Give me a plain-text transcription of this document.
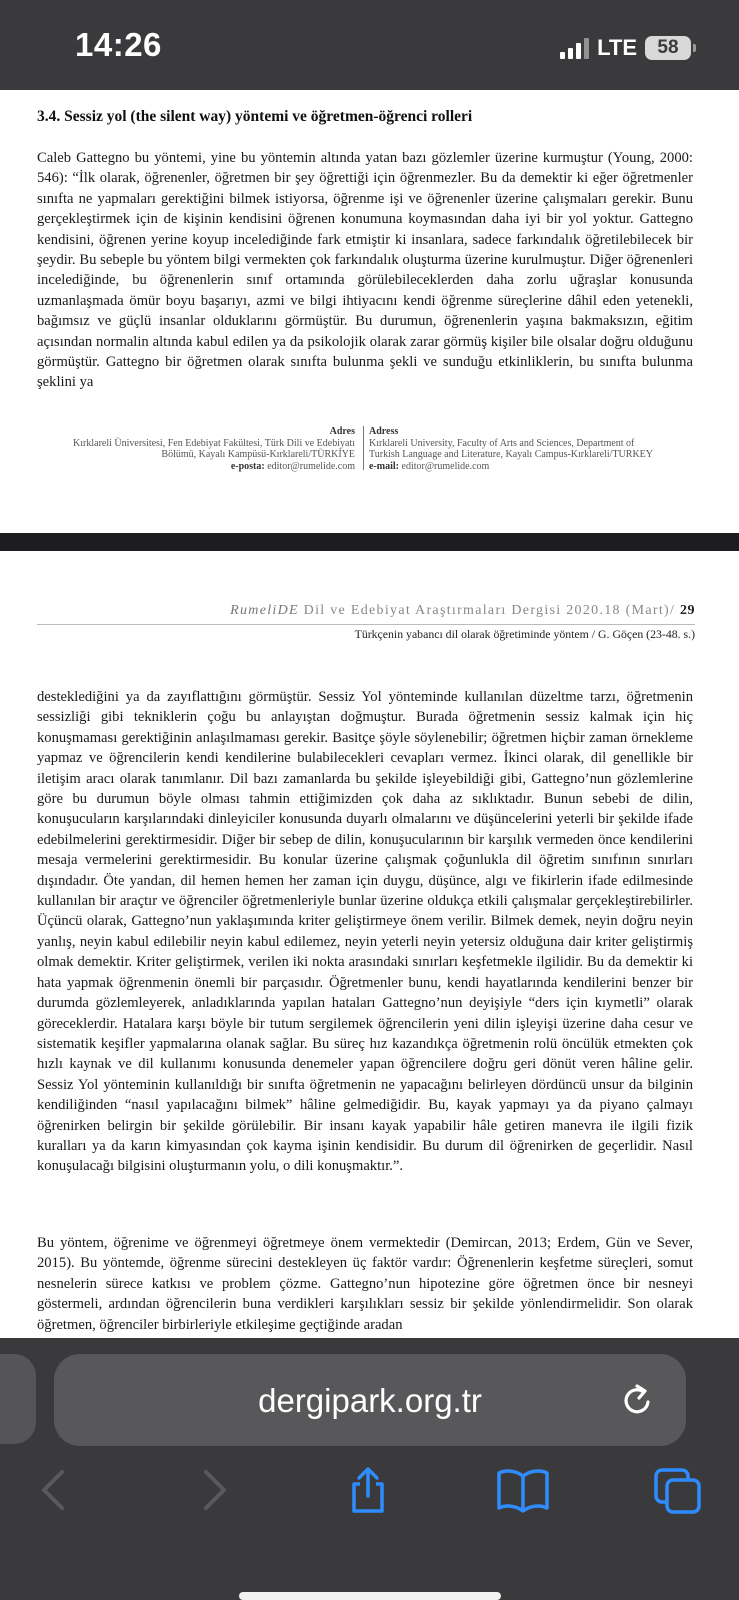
14:26	LTE 58
3.4. Sessiz yol (the silent way) yöntemi ve öğretmen-öğrenci rolleri

Caleb Gattegno bu yöntemi, yine bu yöntemin altında yatan bazı gözlemler üzerine kurmuştur (Young, 2000: 546): “İlk olarak, öğrenenler, öğretmen bir şey öğrettiği için öğrenmezler. Bu da demektir ki eğer öğretmenler sınıfta ne yapmaları gerektiğini bilmek istiyorsa, öğrenme işi ve öğrenenler üzerine çalışmaları gerekir. Bunu gerçekleştirmek için de kişinin kendisini öğrenen konumuna koymasından daha iyi bir yol yoktur. Gattegno kendisini, öğrenen yerine koyup incelediğinde fark etmiştir ki insanlara, sadece farkındalık öğretilebilecek bir şeydir. Bu sebeple bu yöntem bilgi vermekten çok farkındalık oluşturma üzerine kurulmuştur. Diğer öğrenenleri incelediğinde, bu öğrenenlerin sınıf ortamında görülebileceklerden daha zorlu uğraşlar konusunda uzmanlaşmada ömür boyu başarıyı, azmi ve bilgi ihtiyacını kendi öğrenme süreçlerine dâhil eden yetenekli, bağımsız ve güçlü insanlar olduklarını görmüştür. Bu durumun, öğrenenlerin yaşına bakmaksızın, eğitim açısından normalin altında kabul edilen ya da psikolojik olarak zarar görmüş kişiler bile olsalar doğru olduğunu görmüştür. Gattegno bir öğretmen olarak sınıfta bulunma şekli ve sunduğu etkinliklerin, bu sınıfta bulunma şeklini ya

Adres
Kırklareli Üniversitesi, Fen Edebiyat Fakültesi, Türk Dili ve Edebiyatı
Bölümü, Kayalı Kampüsü-Kırklareli/TÜRKİYE
e-posta: editor@rumelide.com
Adress
Kırklareli University, Faculty of Arts and Sciences, Department of
Turkish Language and Literature, Kayalı Campus-Kırklareli/TURKEY
e-mail: editor@rumelide.com
RumeliDE Dil ve Edebiyat Araştırmaları Dergisi 2020.18 (Mart)/ 29
Türkçenin yabancı dil olarak öğretiminde yöntem / G. Göçen (23-48. s.)

desteklediğini ya da zayıflattığını görmüştür. Sessiz Yol yönteminde kullanılan düzeltme tarzı, öğretmenin sessizliği gibi tekniklerin çoğu bu anlayıştan doğmuştur. Burada öğretmenin sessiz kalmak için hiç konuşmaması gerektiğinin anlaşılmaması gerekir. Basitçe şöyle söylenebilir; öğretmen hiçbir zaman örnekleme yapmaz ve öğrencilerin kendi kendilerine bulabilecekleri cevapları vermez. İkinci olarak, dil genellikle bir iletişim aracı olarak tanımlanır. Dil bazı zamanlarda bu şekilde işleyebildiği gibi, Gattegno’nun gözlemlerine göre bu durumun böyle olması tahmin ettiğimizden çok daha az sıklıktadır. Bunun sebebi de dilin, konuşucuların karşılarındaki dinleyiciler konusunda duyarlı olmalarını ve düşüncelerini yeterli bir şekilde ifade edebilmelerini gerektirmesidir. Diğer bir sebep de dilin, konuşucularının bir karşılık vermeden önce kendilerini mesaja vermelerini gerektirmesidir. Bu konular üzerine çalışmak çoğunlukla dil öğretim sınıfının sınırları dışındadır. Öte yandan, dil hemen hemen her zaman için duygu, düşünce, algı ve fikirlerin ifade edilmesinde kullanılan bir araçtır ve öğrenciler öğretmenleriyle bunlar üzerine oldukça etkili çalışmalar gerçekleştirebilirler. Üçüncü olarak, Gattegno’nun yaklaşımında kriter geliştirmeye önem verilir. Bilmek demek, neyin doğru neyin yanlış, neyin kabul edilebilir neyin kabul edilemez, neyin yeterli neyin yetersiz olduğuna dair kriter geliştirmiş olmak demektir. Kriter geliştirmek, verilen iki nokta arasındaki sınırları keşfetmekle ilgilidir. Bu da demektir ki hata yapmak öğrenmenin önemli bir parçasıdır. Öğretmenler bunu, kendi hayatlarında kendilerini benzer bir durumda gözlemleyerek, anladıklarında yapılan hataları Gattegno’nun deyişiyle “ders için kıymetli” olarak göreceklerdir. Hatalara karşı böyle bir tutum sergilemek öğrencilerin yeni dilin işleyişi üzerine daha cesur ve sistematik keşifler yapmalarına olanak sağlar. Bu süreç hız kazandıkça öğretmenin rolü öncülük etmekten çok hızlı kaynak ve dil kullanımı konusunda denemeler yapan öğrencilere doğru geri dönüt veren hâline gelir. Sessiz Yol yönteminin kullanıldığı bir sınıfta öğretmenin ne yapacağını belirleyen dördüncü unsur da bilginin kendiliğinden “nasıl yapılacağını bilmek” hâline gelmediğidir. Bu, kayak yapmayı ya da piyano çalmayı öğrenirken belirgin bir şekilde görülebilir. Bir insanı kayak yapabilir hâle getiren manevra ile ilgili fizik kuralları ya da karın kimyasından çok kayma işinin kendisidir. Bu durum dil öğrenirken de geçerlidir. Nasıl konuşulacağı bilgisini oluşturmanın yolu, o dili konuşmaktır.”.

Bu yöntem, öğrenime ve öğrenmeyi öğretmeye önem vermektedir (Demircan, 2013; Erdem, Gün ve Sever, 2015). Bu yöntemde, öğrenme sürecini destekleyen üç faktör vardır: Öğrenenlerin keşfetme süreçleri, somut nesnelerin sürece katkısı ve problem çözme. Gattegno’nun hipotezine göre öğretmen önce bir nesneyi göstermeli, ardından öğrencilerin buna verdikleri karşılıkları sessiz bir şekilde yönlendirmelidir. Son olarak öğretmen, öğrenciler birbirleriyle etkileşime geçtiğinde aradan

dergipark.org.tr
